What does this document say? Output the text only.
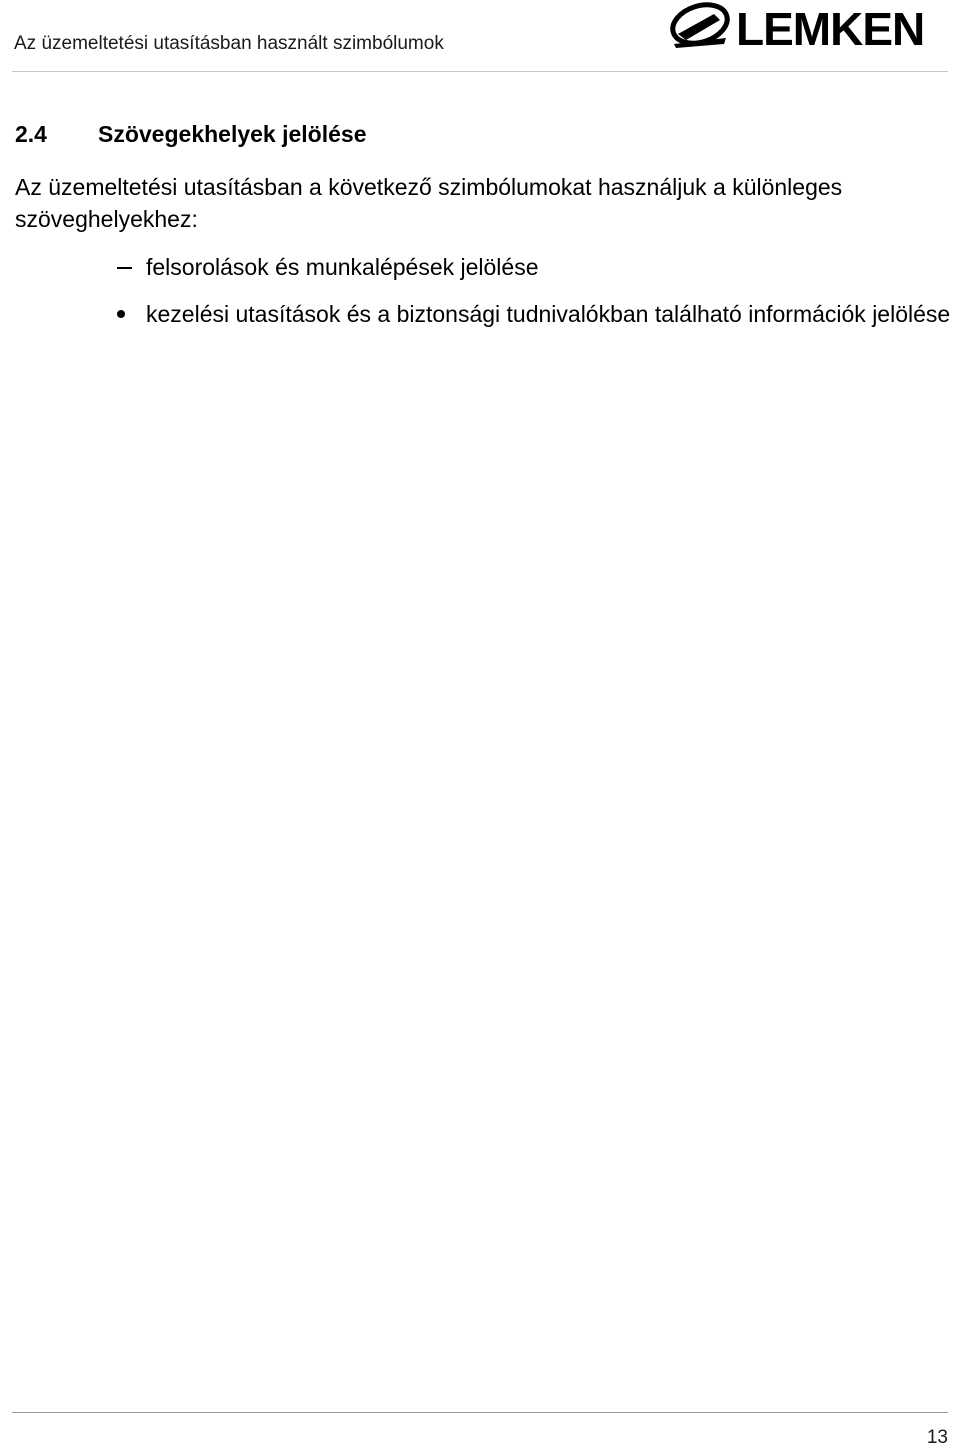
Az üzemeltetési utasításban használt szimbólumok	LEMKEN
2.4 Szövegekhelyek jelölése
Az üzemeltetési utasításban a következő szimbólumokat használjuk a különleges szöveghelyekhez:
felsorolások és munkalépések jelölése
kezelési utasítások és a biztonsági tudnivalókban található információk jelölése
13
